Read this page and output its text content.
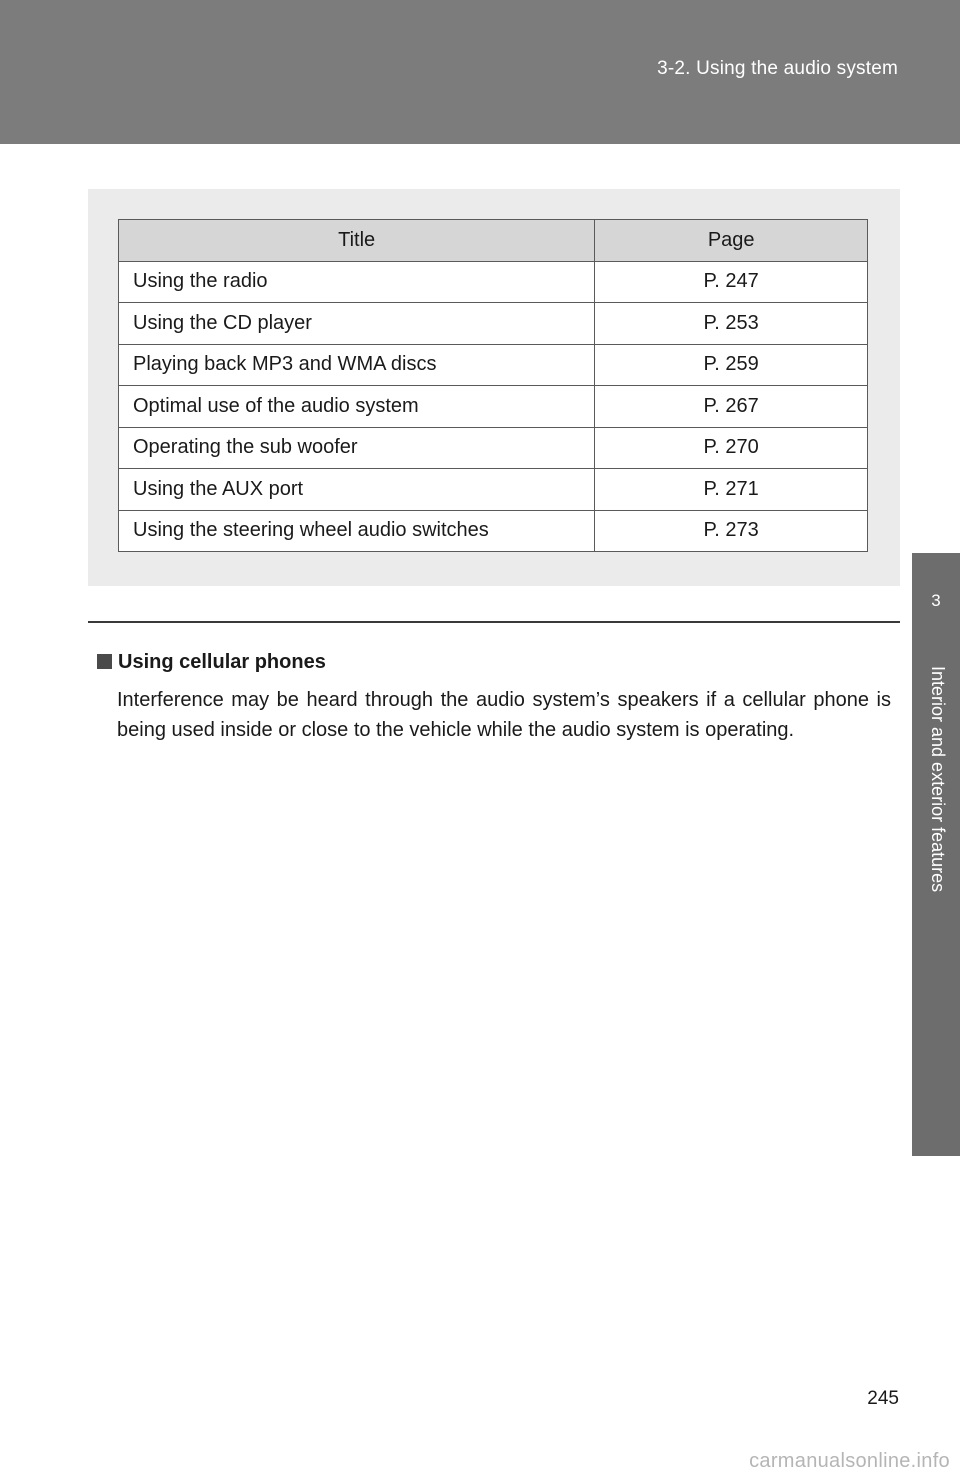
3-2. Using the audio system
3
Interior and exterior features
Title	Page
Using the radio	P. 247
Using the CD player	P. 253
Playing back MP3 and WMA discs	P. 259
Optimal use of the audio system	P. 267
Operating the sub woofer	P. 270
Using the AUX port	P. 271
Using the steering wheel audio switches	P. 273
Using cellular phones
Interference may be heard through the audio system’s speakers if a cellular phone is being used inside or close to the vehicle while the audio system is operating.
245
carmanualsonline.info
